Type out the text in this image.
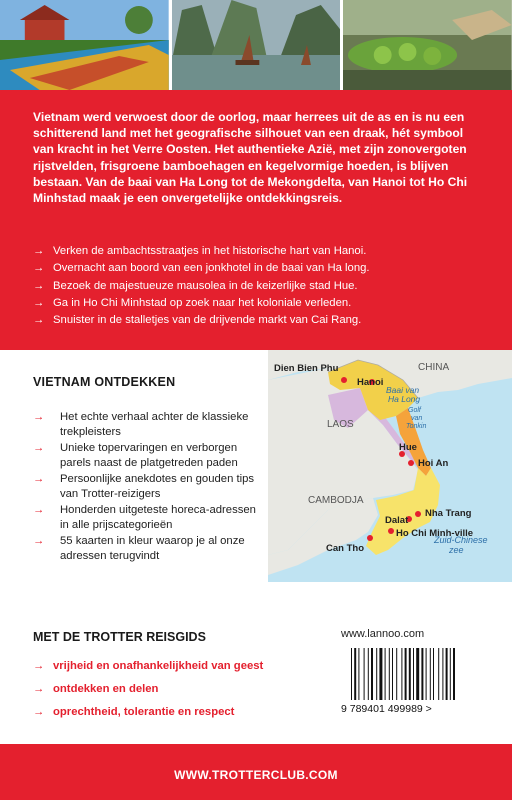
Vietnam werd verwoest door de oorlog, maar herrees uit de as en is nu een schitterend land met het geografische silhouet van een draak, hét symbool van kracht in het Verre Oosten. Het authentieke Azië, met zijn zonovergoten rijstvelden, frisgroene bamboehagen en kegelvormige hoeden, is blijven bestaan. Van de baai van Ha Long tot de Mekongdelta, van Hanoi tot Ho Chi Minhstad maak je een onvergetelijke ontdekkingsreis.

→ Verken de ambachtsstraatjes in het historische hart van Hanoi.
→ Overnacht aan boord van een jonkhotel in de baai van Ha long.
→ Bezoek de majestueuze mausolea in de keizerlijke stad Hue.
→ Ga in Ho Chi Minhstad op zoek naar het koloniale verleden.
→ Snuister in de stalletjes van de drijvende markt van Cai Rang.
VIETNAM ONTDEKKEN
→ Het echte verhaal achter de klassieke trekpleisters
→ Unieke topervaringen en verborgen parels naast de platgetreden paden
→ Persoonlijke anekdotes en gouden tips van Trotter-reizigers
→ Honderden uitgeteste horeca-adressen in alle prijscategorieën
→ 55 kaarten in kleur waarop je al onze adressen terugvindt
CHINA
LAOS
CAMBODJA
Golf
van
Tonkin
Zuid-Chinese
zee
Dien Bien Phu
Hanoi
Baai van
Ha Long
Hue
Hoi An
Nha Trang
Dalat
Ho Chi Minh-ville
Can Tho
MET DE TROTTER REISGIDS
→ vrijheid en onafhankelijkheid van geest
→ ontdekken en delen
→ oprechtheid, tolerantie en respect
www.lannoo.com
9 789401 499989 >
WWW.TROTTERCLUB.COM
